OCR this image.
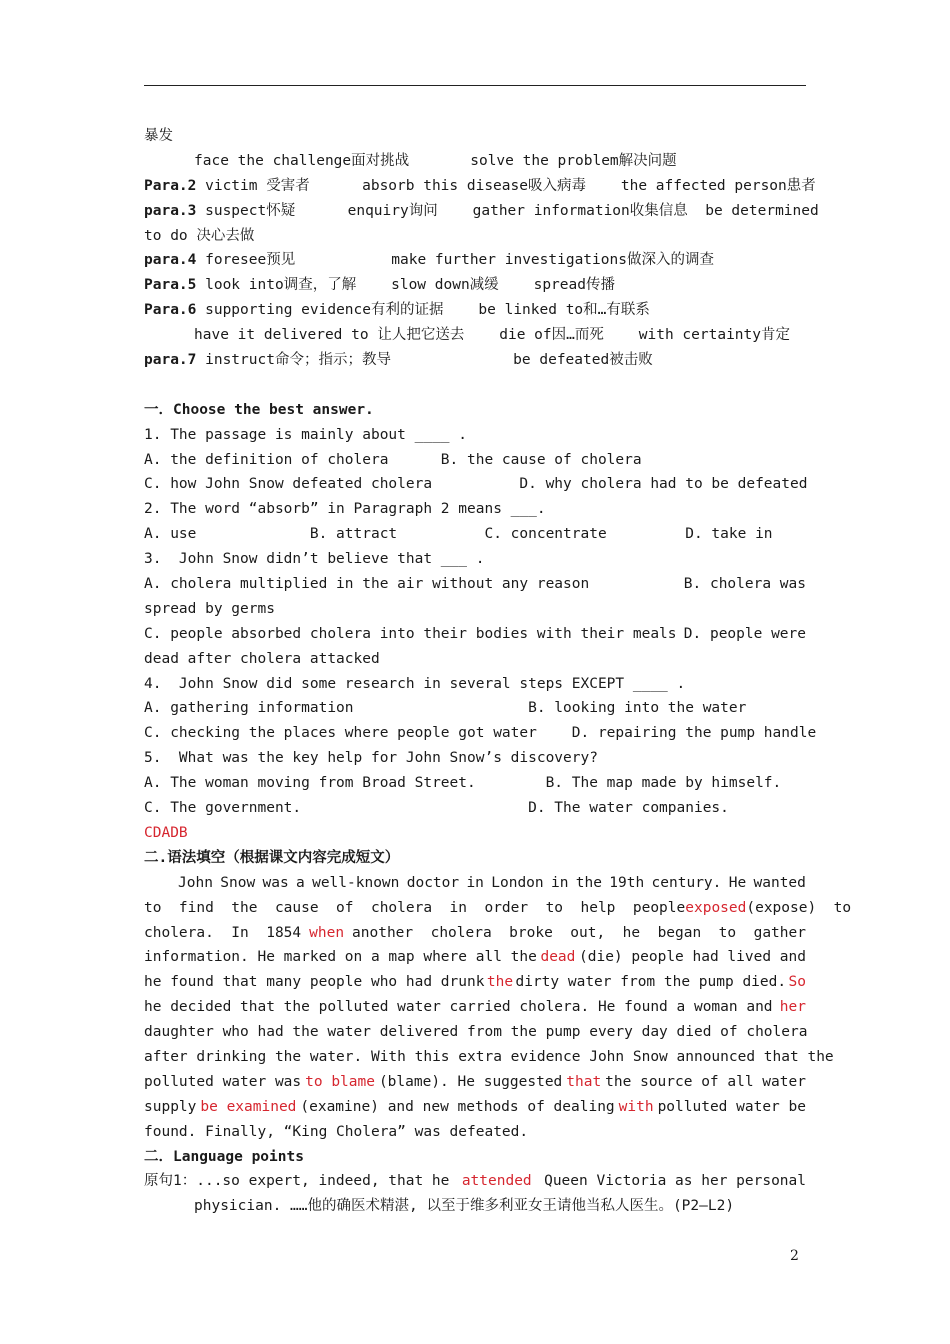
暴发
face the challenge面对挑战       solve the problem解决问题
Para.2 victim 受害者      absorb this disease吸入病毒    the affected person患者
para.3 suspect怀疑      enquiry询问    gather information收集信息  be determined
to do 决心去做
para.4 foresee预见           make further investigations做深入的调查
Para.5 look into调查，了解    slow down减缓    spread传播
Para.6 supporting evidence有利的证据    be linked to和…有联系
have it delivered to 让人把它送去    die of因…而死    with certainty肯定
para.7 instruct命令；指示；教导              be defeated被击败
一．Choose the best answer.
1. The passage is mainly about ____ .
A. the definition of cholera      B. the cause of cholera
C. how John Snow defeated cholera          D. why cholera had to be defeated
2. The word “absorb” in Paragraph 2 means ___.
A. use             B. attract          C. concentrate         D. take in
3.  John Snow didn’t believe that ___ .
A. cholera multiplied in the air without any reason	B. cholera was
spread by germs
C. people absorbed cholera into their bodies with their meals D. people were
dead after cholera attacked
4.  John Snow did some research in several steps EXCEPT ____ .
A. gathering information                    B. looking into the water
C. checking the places where people got water    D. repairing the pump handle
5.  What was the key help for John Snow’s discovery?
A. The woman moving from Broad Street.        B. The map made by himself.
C. The government.                          D. The water companies.
CDADB
二.语法填空（根据课文内容完成短文）
John Snow was a well-known doctor in London in the 19th century. He wanted
to  find  the  cause  of  cholera  in  order  to  help  people exposed (expose)  to
cholera.  In  1854 when another  cholera  broke  out,  he  began  to  gather
information. He marked on a map where all the dead (die) people had lived and
he found that many people who had drunk the dirty water from the pump died. So
he decided that the polluted water carried cholera. He found a woman and her
daughter who had the water delivered from the pump every day died of cholera
after drinking the water. With this extra evidence John Snow announced that the
polluted water was to blame (blame). He suggested that the source of all water
supply be examined (examine) and new methods of dealing with polluted water be
found. Finally, “King Cholera” was defeated.
二．Language points
原句1：...so expert, indeed, that he attended Queen Victoria as her personal
physician. ……他的确医术精湛, 以至于维多利亚女王请他当私人医生。(P2—L2)
2
